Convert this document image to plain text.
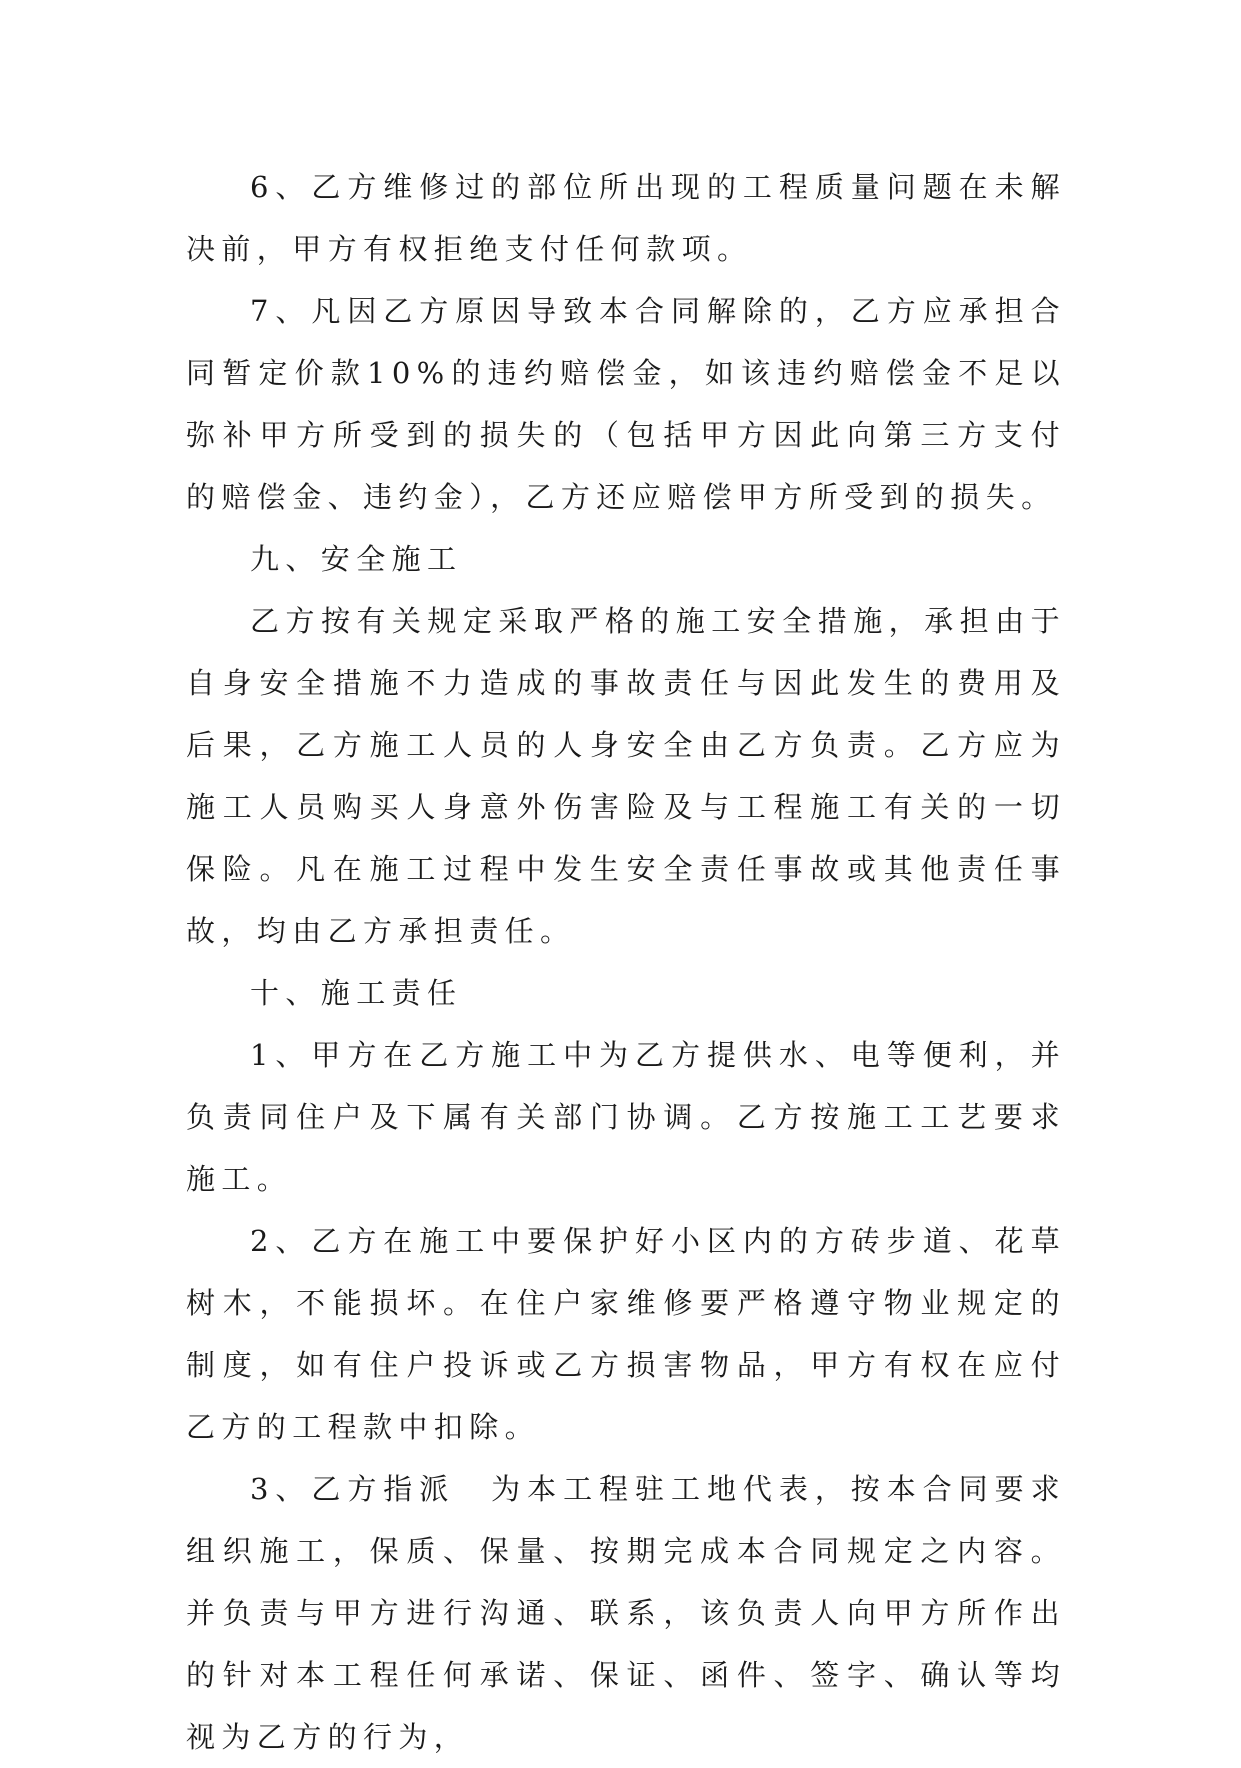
6、乙方维修过的部位所出现的工程质量问题在未解决前，甲方有权拒绝支付任何款项。

7、凡因乙方原因导致本合同解除的，乙方应承担合同暂定价款10%的违约赔偿金，如该违约赔偿金不足以弥补甲方所受到的损失的（包括甲方因此向第三方支付的赔偿金、违约金），乙方还应赔偿甲方所受到的损失。

九、安全施工

乙方按有关规定采取严格的施工安全措施，承担由于自身安全措施不力造成的事故责任与因此发生的费用及后果，乙方施工人员的人身安全由乙方负责。乙方应为施工人员购买人身意外伤害险及与工程施工有关的一切保险。凡在施工过程中发生安全责任事故或其他责任事故，均由乙方承担责任。

十、施工责任

1、甲方在乙方施工中为乙方提供水、电等便利，并负责同住户及下属有关部门协调。乙方按施工工艺要求施工。

2、乙方在施工中要保护好小区内的方砖步道、花草树木，不能损坏。在住户家维修要严格遵守物业规定的制度，如有住户投诉或乙方损害物品，甲方有权在应付乙方的工程款中扣除。

3、乙方指派　为本工程驻工地代表，按本合同要求组织施工，保质、保量、按期完成本合同规定之内容。并负责与甲方进行沟通、联系，该负责人向甲方所作出的针对本工程任何承诺、保证、函件、签字、确认等均视为乙方的行为，
